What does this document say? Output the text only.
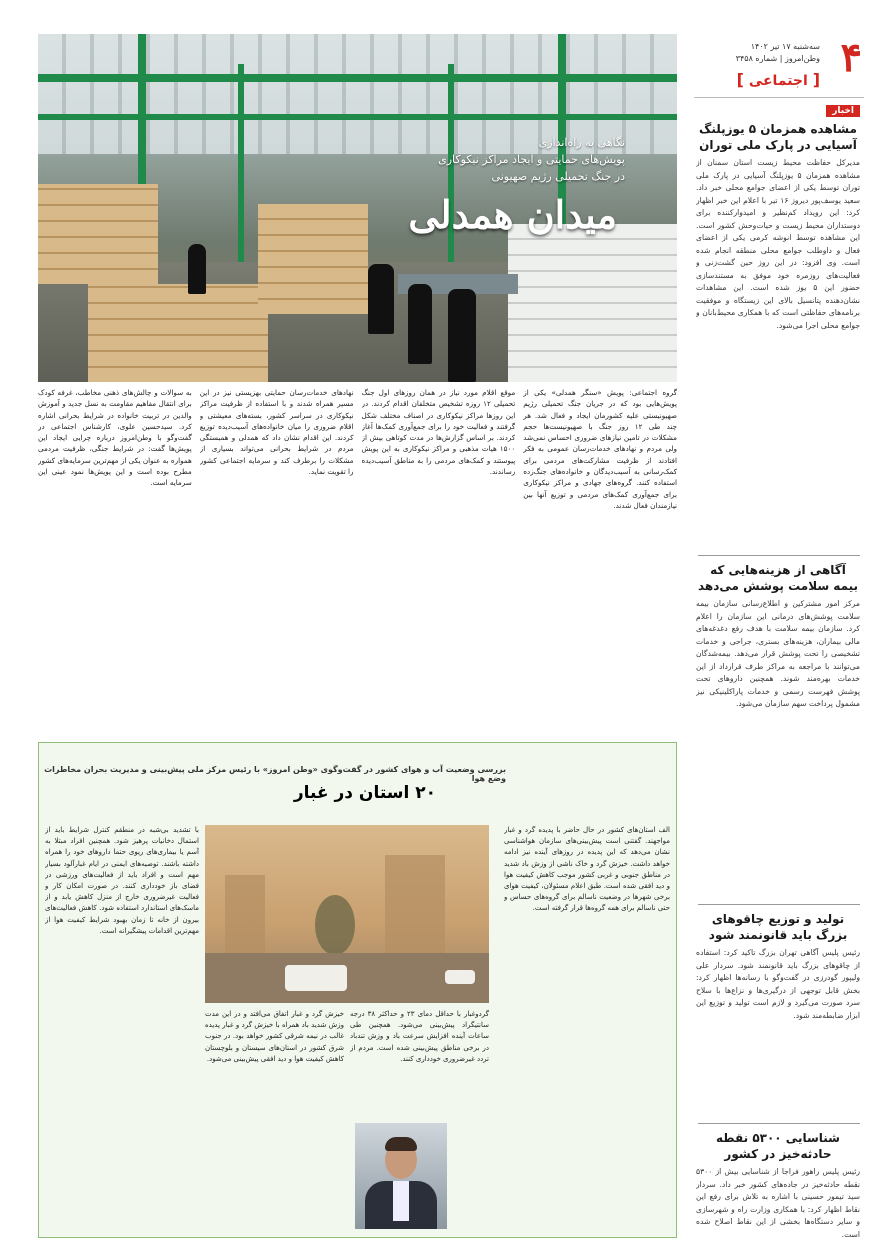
۴
سه‌شنبه ۱۷ تیر ۱۴۰۲
وطن‌امروز | شماره ۳۴۵۸
[ اجتماعی ]
اخبار
مشاهده همزمان ۵ یوزپلنگ آسیایی در پارک ملی توران
مدیرکل حفاظت محیط زیست استان سمنان از مشاهده همزمان ۵ یوزپلنگ آسیایی در پارک ملی توران توسط یکی از اعضای جوامع محلی خبر داد. سعید یوسف‌پور دیروز ۱۶ تیر با اعلام این خبر اظهار کرد: این رویداد کم‌نظیر و امیدوارکننده برای دوستداران محیط زیست و حیات‌وحش کشور است. این مشاهده توسط انوشه کرمی یکی از اعضای فعال و داوطلب جوامع محلی منطقه انجام شده است. وی افزود: در این روز حین گشت‌زنی و فعالیت‌های روزمره خود موفق به مستندسازی حضور این ۵ یوز شده است. این مشاهدات نشان‌دهنده پتانسیل بالای این زیستگاه و موفقیت برنامه‌های حفاظتی است که با همکاری محیط‌بانان و جوامع محلی اجرا می‌شود.
آگاهی از هزینه‌هایی که بیمه سلامت پوشش می‌دهد
مرکز امور مشترکین و اطلاع‌رسانی سازمان بیمه سلامت پوشش‌های درمانی این سازمان را اعلام کرد. سازمان بیمه سلامت با هدف رفع دغدغه‌های مالی بیماران، هزینه‌های بستری، جراحی و خدمات تشخیصی را تحت پوشش قرار می‌دهد. بیمه‌شدگان می‌توانند با مراجعه به مراکز طرف قرارداد از این خدمات بهره‌مند شوند. همچنین داروهای تحت پوشش فهرست رسمی و خدمات پاراکلینیکی نیز مشمول پرداخت سهم سازمان می‌شود.
تولید و توزیع چاقوهای بزرگ باید قانونمند شود
رئیس پلیس آگاهی تهران بزرگ تاکید کرد: استفاده از چاقوهای بزرگ باید قانونمند شود. سردار علی ولیپور گودرزی در گفت‌وگو با رسانه‌ها اظهار کرد: بخش قابل توجهی از درگیری‌ها و نزاع‌ها با سلاح سرد صورت می‌گیرد و لازم است تولید و توزیع این ابزار ضابطه‌مند شود.
شناسایی ۵۳۰۰ نقطه حادثه‌خیز در کشور
رئیس پلیس راهور فراجا از شناسایی بیش از ۵۳۰۰ نقطه حادثه‌خیز در جاده‌های کشور خبر داد. سردار سید تیمور حسینی با اشاره به تلاش برای رفع این نقاط اظهار کرد: با همکاری وزارت راه و شهرسازی و سایر دستگاه‌ها بخشی از این نقاط اصلاح شده است.
نگاهی به راه‌اندازی
پویش‌های حمایتی و ایجاد مراکز نیکوکاری
در جنگ تحمیلی رژیم صهیونی
میدان همدلی
گروه اجتماعی: پویش «سنگر همدلی» یکی از پویش‌هایی بود که در جریان جنگ تحمیلی رژیم صهیونیستی علیه کشورمان ایجاد و فعال شد. هر چند طی ۱۲ روز جنگ با صهیونیست‌ها حجم مشکلات در تامین نیازهای ضروری احساس نمی‌شد ولی مردم و نهادهای خدمات‌رسان عمومی به فکر افتادند از ظرفیت مشارکت‌های مردمی برای کمک‌رسانی به آسیب‌دیدگان و خانواده‌های جنگ‌زده استفاده کنند. گروه‌های جهادی و مراکز نیکوکاری برای جمع‌آوری کمک‌های مردمی و توزیع آنها بین نیازمندان فعال شدند.
موقع اقلام مورد نیاز در همان روزهای اول جنگ تحمیلی ۱۲ روزه تشخیص متخلفان اقدام کردند. در این روزها مراکز نیکوکاری در اصناف مختلف شکل گرفتند و فعالیت خود را برای جمع‌آوری کمک‌ها آغاز کردند. بر اساس گزارش‌ها در مدت کوتاهی بیش از ۱۵۰۰ هیات مذهبی و مراکز نیکوکاری به این پویش پیوستند و کمک‌های مردمی را به مناطق آسیب‌دیده رساندند.
نهادهای خدمات‌رسان حمایتی بهزیستی نیز در این مسیر همراه شدند و با استفاده از ظرفیت مراکز نیکوکاری در سراسر کشور، بسته‌های معیشتی و اقلام ضروری را میان خانواده‌های آسیب‌دیده توزیع کردند. این اقدام نشان داد که همدلی و همبستگی مردم در شرایط بحرانی می‌تواند بسیاری از مشکلات را برطرف کند و سرمایه اجتماعی کشور را تقویت نماید.
به سوالات و چالش‌های ذهنی مخاطب، غرفه کودک برای انتقال مفاهیم مقاومت به نسل جدید و آموزش والدین در تربیت خانواده در شرایط بحرانی اشاره کرد. سیدحسین علوی، کارشناس اجتماعی در گفت‌وگو با وطن‌امروز درباره چرایی ایجاد این پویش‌ها گفت: در شرایط جنگی، ظرفیت مردمی همواره به عنوان یکی از مهم‌ترین سرمایه‌های کشور مطرح بوده است و این پویش‌ها نمود عینی این سرمایه است.
بررسی وضعیت آب و هوای کشور در گفت‌وگوی «وطن امروز» با رئیس مرکز ملی پیش‌بینی و مدیریت بحران مخاطرات وضع هوا
۲۰ استان در غبار
الف استان‌های کشور در حال حاضر با پدیده گرد و غبار مواجهند. گفتنی است پیش‌بینی‌های سازمان هواشناسی نشان می‌دهد که این پدیده در روزهای آینده نیز ادامه خواهد داشت. خیزش گرد و خاک ناشی از وزش باد شدید در مناطق جنوبی و غربی کشور موجب کاهش کیفیت هوا و دید افقی شده است. طبق اعلام مسئولان، کیفیت هوای برخی شهرها در وضعیت ناسالم برای گروه‌های حساس و حتی ناسالم برای همه گروه‌ها قرار گرفته است.
گردوغبار با حداقل دمای ۲۳ و حداکثر ۳۸ درجه سانتیگراد پیش‌بینی می‌شود. همچنین طی ساعات آینده افزایش سرعت باد و وزش تندباد در برخی مناطق پیش‌بینی شده است. مردم از تردد غیرضروری خودداری کنند.
خیزش گرد و غبار اتفاق می‌افتد و در این مدت وزش شدید باد همراه با خیزش گرد و غبار پدیده غالب در نیمه شرقی کشور خواهد بود. در جنوب شرق کشور در استان‌های سیستان و بلوچستان کاهش کیفیت هوا و دید افقی پیش‌بینی می‌شود.
با تشدید بی‌شبه در منطقم کنترل شرایط باید از استمال دخانیات پرهیز شود. همچنین افراد مبتلا به آسم یا بیماری‌های ریوی حتما داروهای خود را همراه داشته باشند. توصیه‌های ایمنی در ایام غبارآلود بسیار مهم است و افراد باید از فعالیت‌های ورزشی در فضای باز خودداری کنند. در صورت امکان کار و فعالیت غیرضروری خارج از منزل کاهش یابد و از ماسک‌های استاندارد استفاده شود. کاهش فعالیت‌های بیرون از خانه تا زمان بهبود شرایط کیفیت هوا از مهم‌ترین اقدامات پیشگیرانه است.
